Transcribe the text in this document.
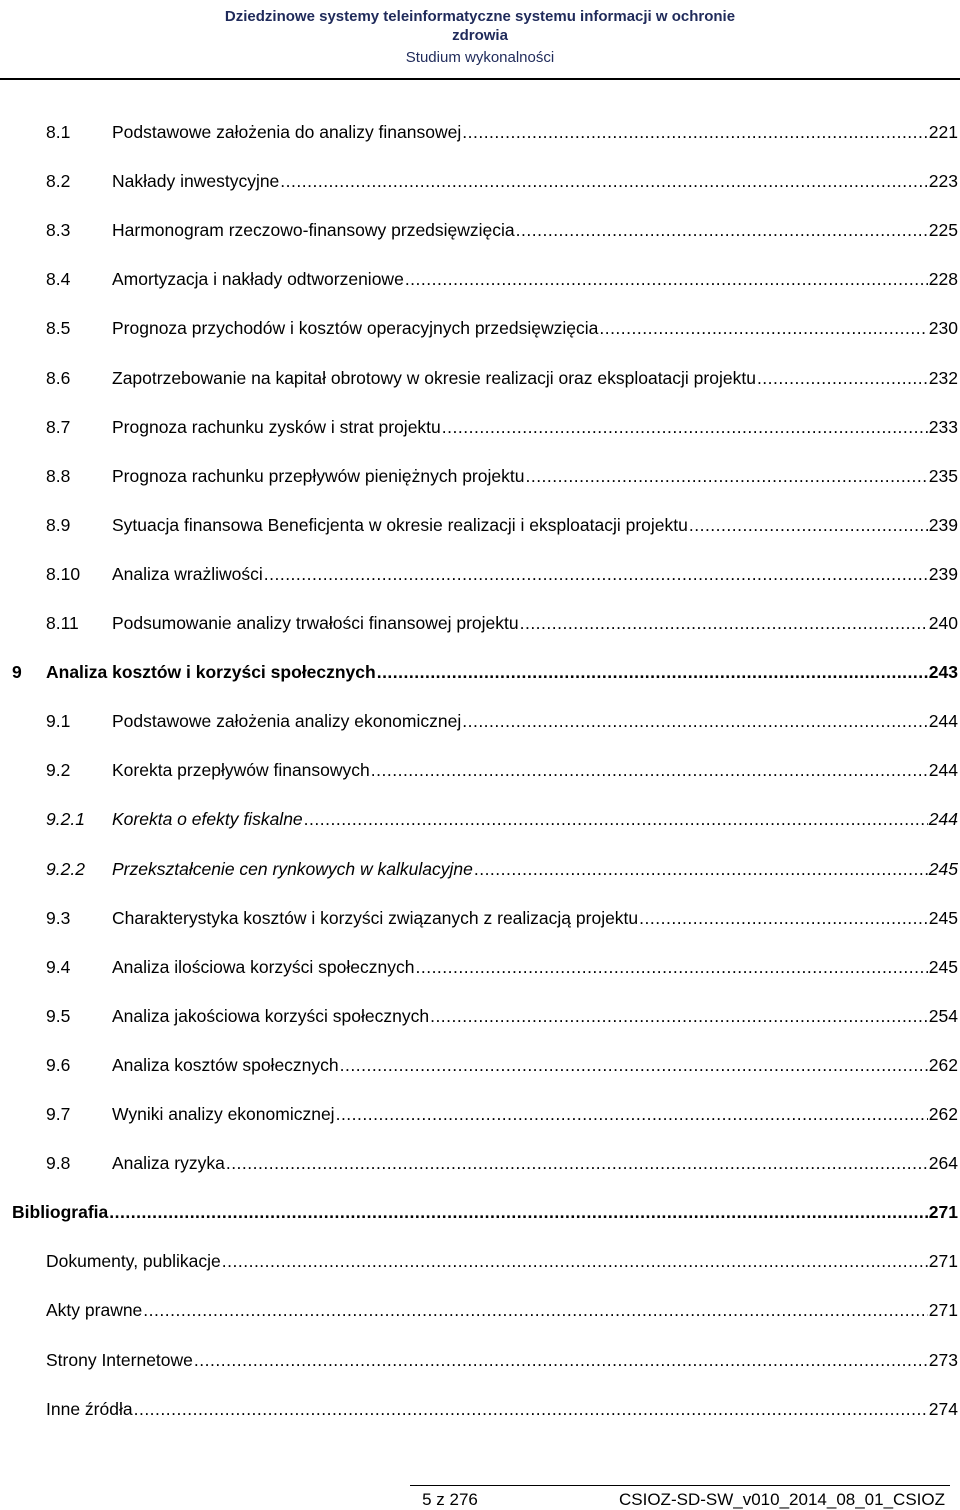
Dziedzinowe systemy teleinformatyczne systemu informacji w ochronie
zdrowia
Studium wykonalności
8.1	Podstawowe założenia do analizy finansowej .....	221
8.2	Nakłady inwestycyjne .....	223
8.3	Harmonogram rzeczowo-finansowy przedsięwzięcia .....	225
8.4	Amortyzacja i nakłady odtworzeniowe .....	228
8.5	Prognoza przychodów i kosztów operacyjnych przedsięwzięcia .....	230
8.6	Zapotrzebowanie na kapitał obrotowy w okresie realizacji oraz eksploatacji projektu .....	232
8.7	Prognoza rachunku zysków i strat projektu .....	233
8.8	Prognoza rachunku przepływów pieniężnych projektu .....	235
8.9	Sytuacja finansowa Beneficjenta w okresie realizacji i eksploatacji projektu .....	239
8.10	Analiza wrażliwości .....	239
8.11	Podsumowanie analizy trwałości finansowej projektu .....	240
9	Analiza kosztów i korzyści społecznych .....	243
9.1	Podstawowe założenia analizy ekonomicznej .....	244
9.2	Korekta przepływów finansowych .....	244
9.2.1	Korekta o efekty fiskalne .....	244
9.2.2	Przekształcenie cen rynkowych w kalkulacyjne .....	245
9.3	Charakterystyka kosztów i korzyści związanych z realizacją projektu .....	245
9.4	Analiza ilościowa korzyści społecznych .....	245
9.5	Analiza jakościowa korzyści społecznych .....	254
9.6	Analiza kosztów społecznych .....	262
9.7	Wyniki analizy ekonomicznej .....	262
9.8	Analiza ryzyka .....	264
Bibliografia .....	271
Dokumenty, publikacje .....	271
Akty prawne .....	271
Strony Internetowe .....	273
Inne źródła .....	274
5 z 276	CSIOZ-SD-SW_v010_2014_08_01_CSIOZ
